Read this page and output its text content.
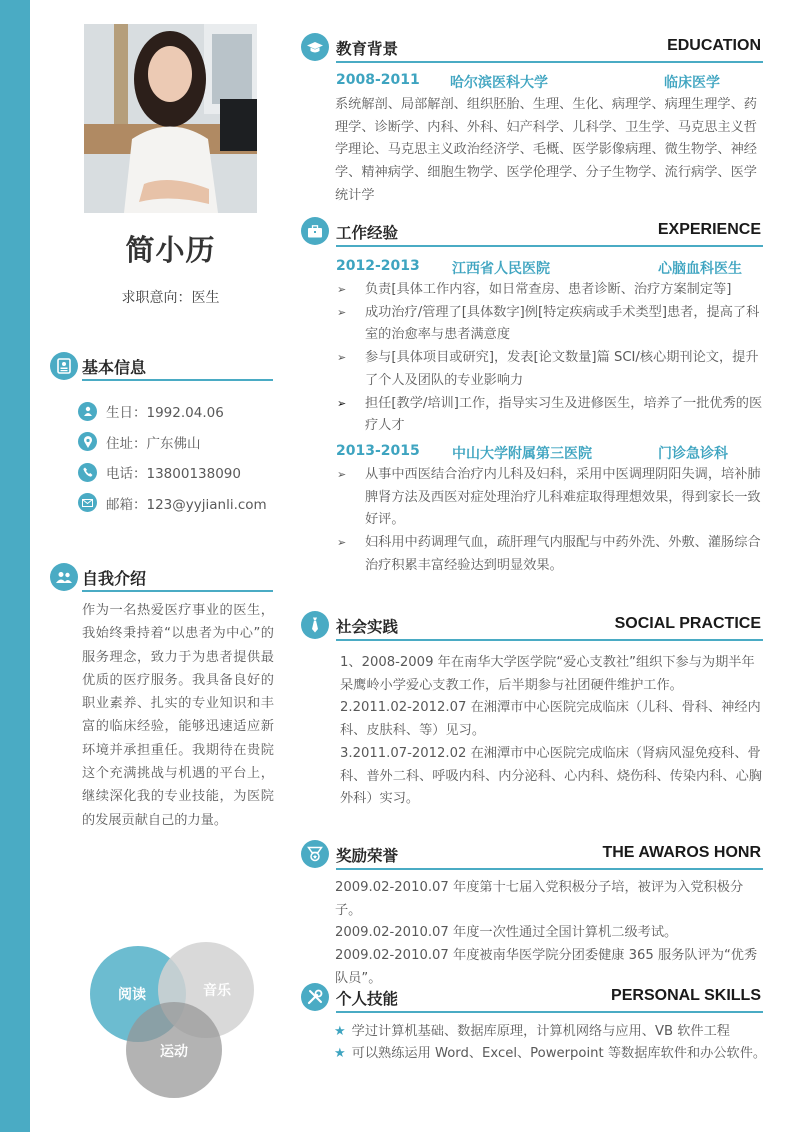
简小历
求职意向：医生
基本信息
生日：1992.04.06
住址：广东佛山
电话：13800138090
邮箱：123@yyjianli.com
自我介绍
作为一名热爱医疗事业的医生，我始终秉持着“以患者为中心”的服务理念，致力于为患者提供最优质的医疗服务。我具备良好的职业素养、扎实的专业知识和丰富的临床经验，能够迅速适应新环境并承担重任。我期待在贵院这个充满挑战与机遇的平台上，继续深化我的专业技能，为医院的发展贡献自己的力量。
阅读	音乐
运动
教育背景	EDUCATION
2008-2011 哈尔滨医科大学	临床医学
系统解剖、局部解剖、组织胚胎、生理、生化、病理学、病理生理学、药理学、诊断学、内科、外科、妇产科学、儿科学、卫生学、马克思主义哲学理论、马克思主义政治经济学、毛概、医学影像病理、微生物学、神经学、精神病学、细胞生物学、医学伦理学、分子生物学、流行病学、医学统计学
工作经验	EXPERIENCE
2012-2013 江西省人民医院	心脑血科医生
➢	负责[具体工作内容，如日常查房、患者诊断、治疗方案制定等]
➢	成功治疗/管理了[具体数字]例[特定疾病或手术类型]患者，提高了科室的治愈率与患者满意度
➢	参与[具体项目或研究]，发表[论文数量]篇 SCI/核心期刊论文，提升了个人及团队的专业影响力
➢	担任[教学/培训]工作，指导实习生及进修医生，培养了一批优秀的医疗人才
2013-2015 中山大学附属第三医院	门诊急诊科
➢	从事中西医结合治疗内儿科及妇科，采用中医调理阴阳失调，培补肺脾肾方法及西医对症处理治疗儿科难症取得理想效果，得到家长一致好评。
➢	妇科用中药调理气血，疏肝理气内服配与中药外洗、外敷、灌肠综合治疗积累丰富经验达到明显效果。
社会实践	SOCIAL PRACTICE
1、2008-2009 年在南华大学医学院“爱心支教社”组织下参与为期半年呆鹰岭小学爱心支教工作，后半期参与社团硬件维护工作。
2.2011.02-2012.07 在湘潭市中心医院完成临床（儿科、骨科、神经内科、皮肤科、等）见习。
3.2011.07-2012.02 在湘潭市中心医院完成临床（肾病风湿免疫科、骨科、普外二科、呼吸内科、内分泌科、心内科、烧伤科、传染内科、心胸外科）实习。
奖励荣誉	THE AWAROS HONR
2009.02-2010.07 年度第十七届入党积极分子培，被评为入党积极分子。
2009.02-2010.07 年度一次性通过全国计算机二级考试。
2009.02-2010.07 年度被南华医学院分团委健康 365 服务队评为“优秀队员”。
个人技能	PERSONAL SKILLS
★ 学过计算机基础、数据库原理，计算机网络与应用、VB 软件工程
★ 可以熟练运用 Word、Excel、Powerpoint 等数据库软件和办公软件。
